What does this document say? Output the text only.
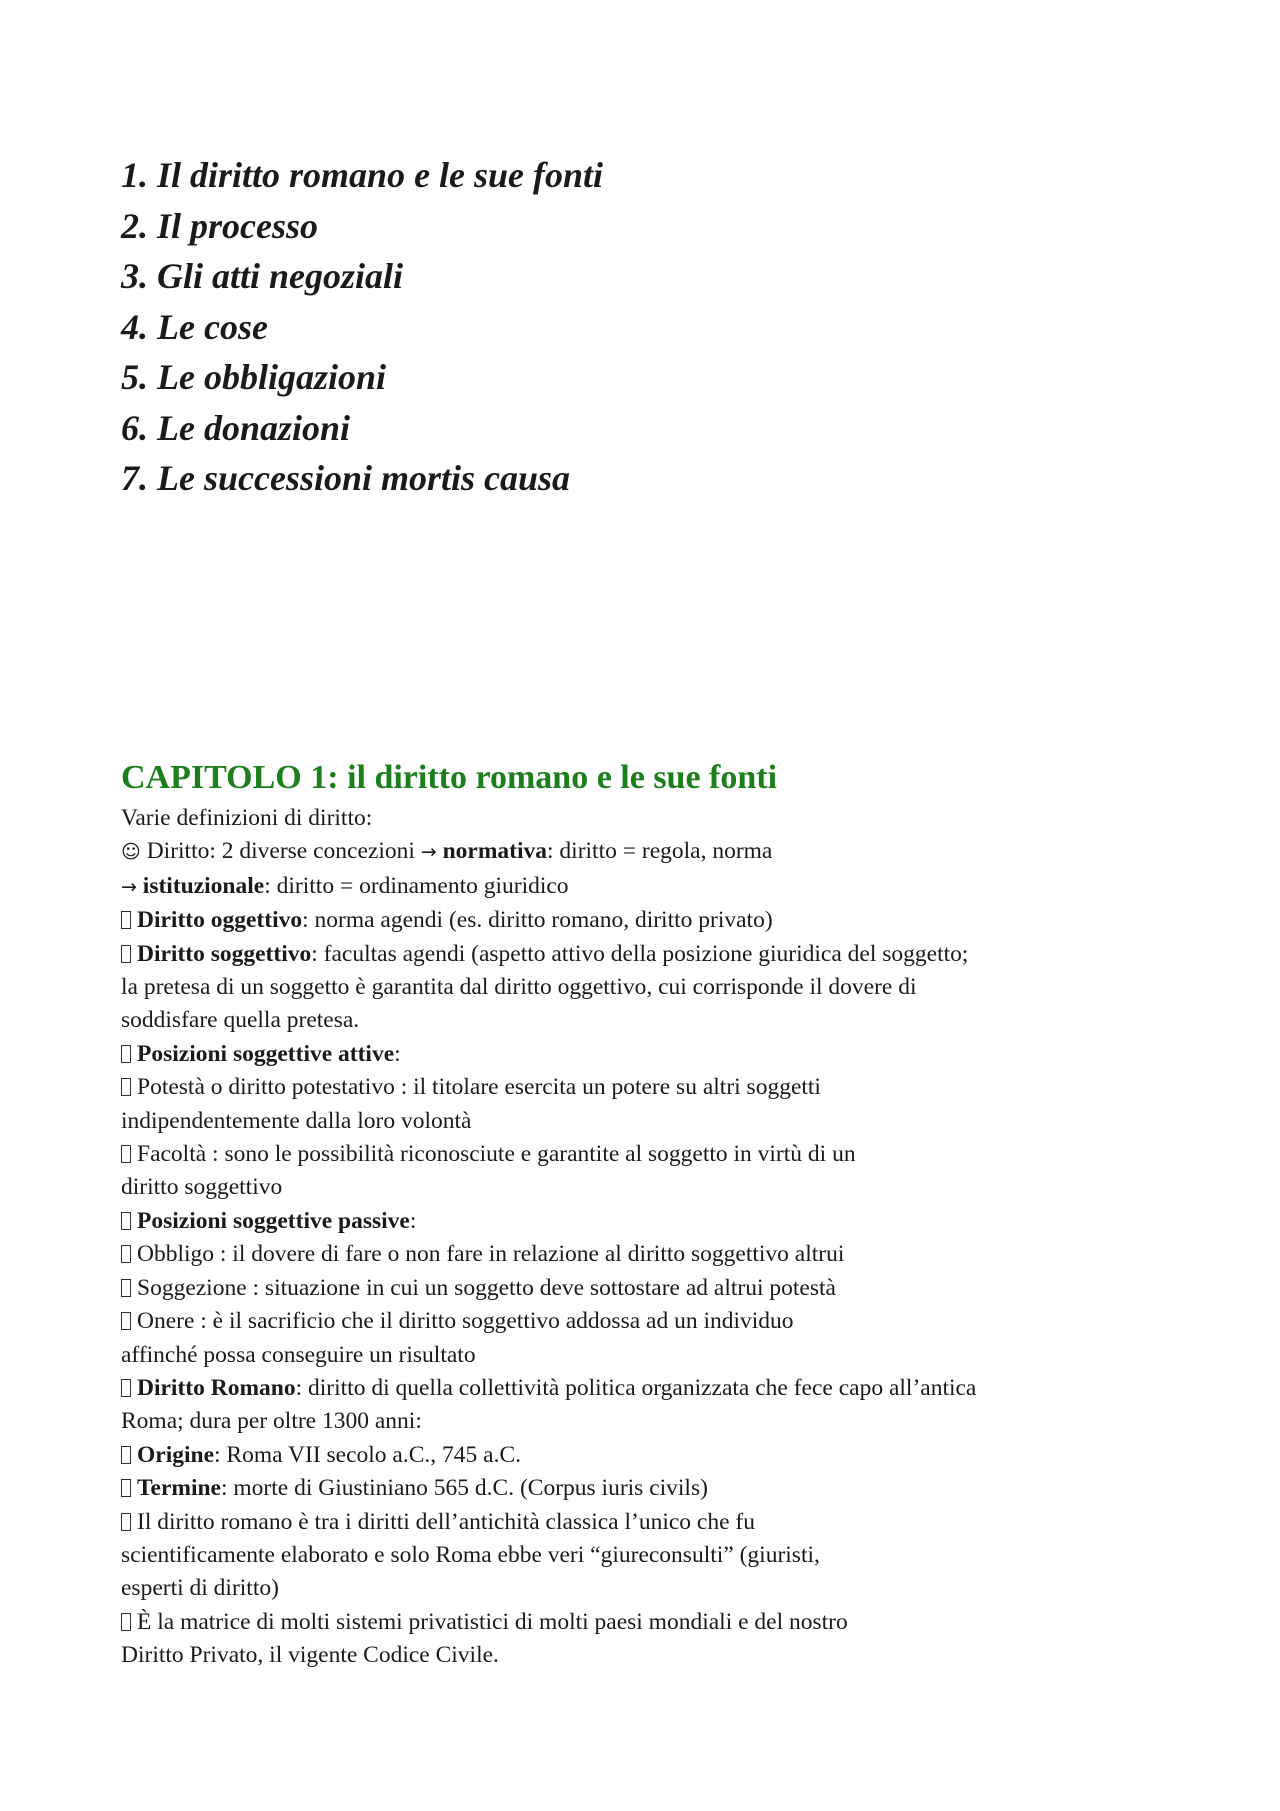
1. Il diritto romano e le sue fonti
2. Il processo
3. Gli atti negoziali
4. Le cose
5. Le obbligazioni
6. Le donazioni
7. Le successioni mortis causa
CAPITOLO 1: il diritto romano e le sue fonti
Varie definizioni di diritto:
☺ Diritto: 2 diverse concezioni → normativa: diritto = regola, norma
→ istituzionale: diritto = ordinamento giuridico
Diritto oggettivo: norma agendi (es. diritto romano, diritto privato)
Diritto soggettivo: facultas agendi (aspetto attivo della posizione giuridica del soggetto;
la pretesa di un soggetto è garantita dal diritto oggettivo, cui corrisponde il dovere di
soddisfare quella pretesa.
Posizioni soggettive attive:
Potestà o diritto potestativo : il titolare esercita un potere su altri soggetti
indipendentemente dalla loro volontà
Facoltà : sono le possibilità riconosciute e garantite al soggetto in virtù di un
diritto soggettivo
Posizioni soggettive passive:
Obbligo : il dovere di fare o non fare in relazione al diritto soggettivo altrui
Soggezione : situazione in cui un soggetto deve sottostare ad altrui potestà
Onere : è il sacrificio che il diritto soggettivo addossa ad un individuo
affinché possa conseguire un risultato
Diritto Romano: diritto di quella collettività politica organizzata che fece capo all’antica
Roma; dura per oltre 1300 anni:
Origine: Roma VII secolo a.C., 745 a.C.
Termine: morte di Giustiniano 565 d.C. (Corpus iuris civils)
Il diritto romano è tra i diritti dell’antichità classica l’unico che fu
scientificamente elaborato e solo Roma ebbe veri “giureconsulti” (giuristi,
esperti di diritto)
È la matrice di molti sistemi privatistici di molti paesi mondiali e del nostro
Diritto Privato, il vigente Codice Civile.
